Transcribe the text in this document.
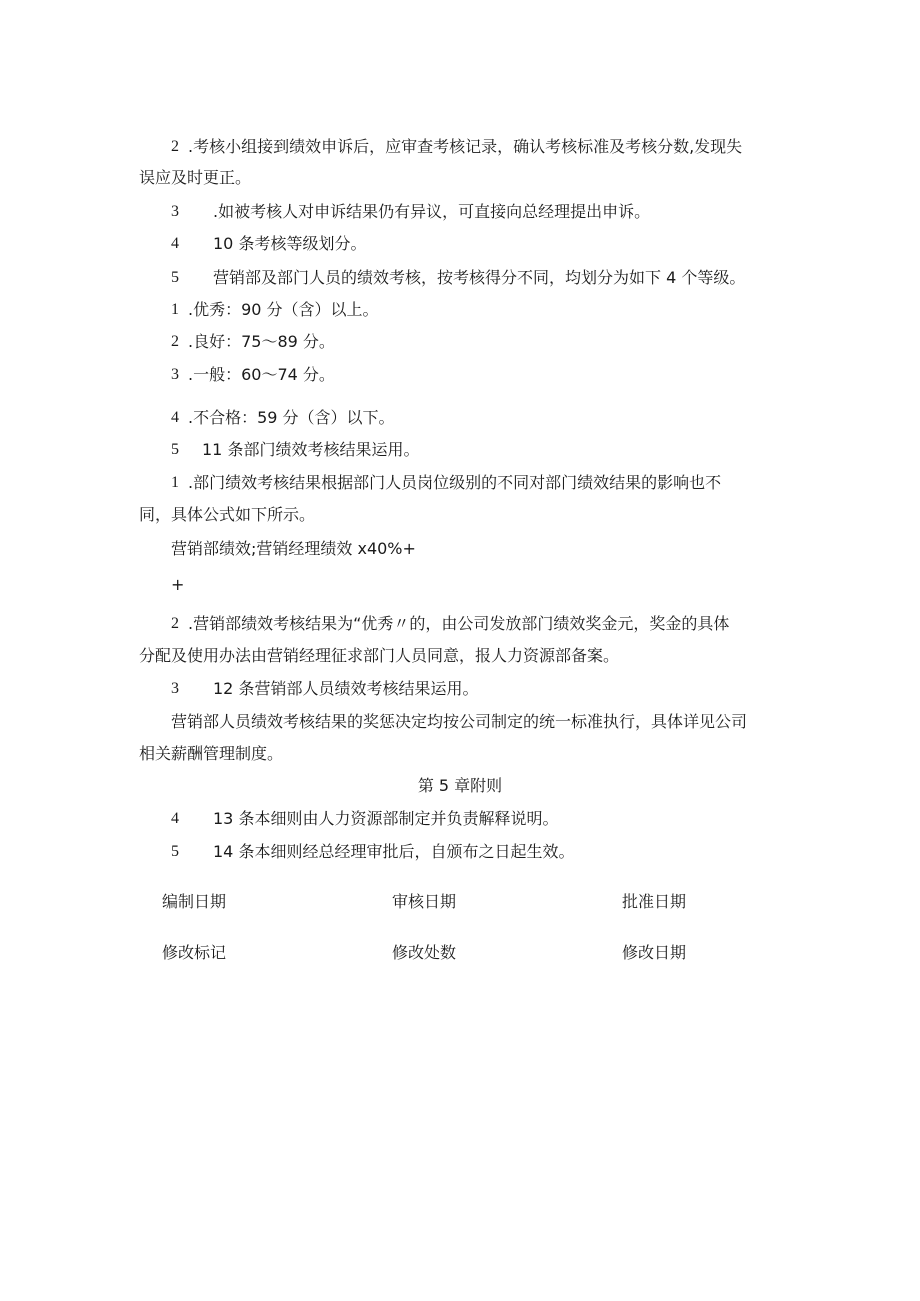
2 .考核小组接到绩效申诉后，应审查考核记录，确认考核标准及考核分数,发现失
误应及时更正。
3 .如被考核人对申诉结果仍有异议，可直接向总经理提出申诉。
4 10 条考核等级划分。
5 营销部及部门人员的绩效考核，按考核得分不同，均划分为如下 4 个等级。
1 .优秀：90 分（含）以上。
2 .良好：75～89 分。
3 .一般：60～74 分。
4 .不合格：59 分（含）以下。
5 11 条部门绩效考核结果运用。
1 .部门绩效考核结果根据部门人员岗位级别的不同对部门绩效结果的影响也不
同，具体公式如下所示。
营销部绩效;营销经理绩效 x40%+
+
2 .营销部绩效考核结果为“优秀〃的，由公司发放部门绩效奖金元，奖金的具体
分配及使用办法由营销经理征求部门人员同意，报人力资源部备案。
3 12 条营销部人员绩效考核结果运用。
营销部人员绩效考核结果的奖惩决定均按公司制定的统一标准执行，具体详见公司
相关薪酬管理制度。
第 5 章附则
4 13 条本细则由人力资源部制定并负责解释说明。
5 14 条本细则经总经理审批后，自颁布之日起生效。
编制日期	审核日期	批准日期
修改标记	修改处数	修改日期
